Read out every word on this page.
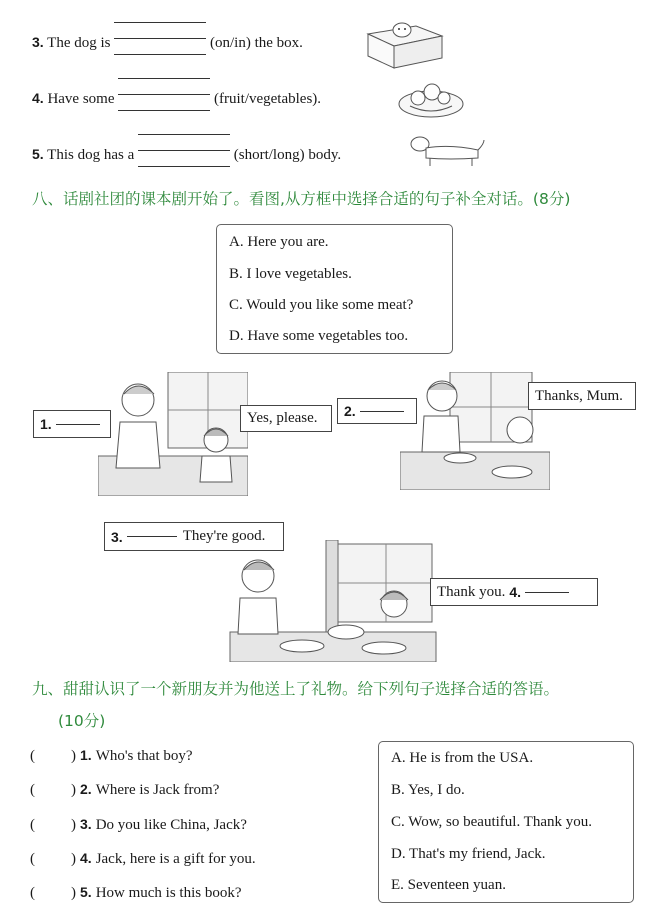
3. The dog is	(on/in) the box.
4. Have some	(fruit/vegetables).
5. This dog has a	(short/long) body.
八、话剧社团的课本剧开始了。看图,从方框中选择合适的句子补全对话。(8分)
A. Here you are.
B. I love vegetables.
C. Would you like some meat?
D. Have some vegetables too.
1.	Yes, please. 2.
Thanks, Mum.
3.	They're good.
Thank you. 4.
九、甜甜认识了一个新朋友并为他送上了礼物。给下列句子选择合适的答语。
(10分)
( ) 1. Who's that boy?
( ) 2. Where is Jack from?
( ) 3. Do you like China, Jack?
( ) 4. Jack, here is a gift for you.
( ) 5. How much is this book?
A. He is from the USA.
B. Yes, I do.
C. Wow, so beautiful. Thank you.
D. That's my friend, Jack.
E. Seventeen yuan.
